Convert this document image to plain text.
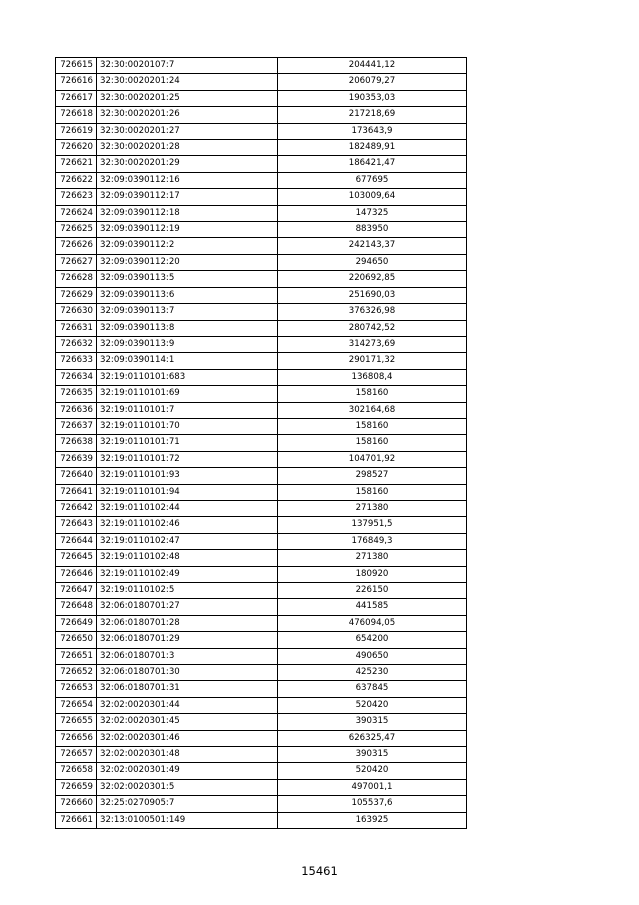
726615	32:30:0020107:7	204441,12
726616	32:30:0020201:24	206079,27
726617	32:30:0020201:25	190353,03
726618	32:30:0020201:26	217218,69
726619	32:30:0020201:27	173643,9
726620	32:30:0020201:28	182489,91
726621	32:30:0020201:29	186421,47
726622	32:09:0390112:16	677695
726623	32:09:0390112:17	103009,64
726624	32:09:0390112:18	147325
726625	32:09:0390112:19	883950
726626	32:09:0390112:2	242143,37
726627	32:09:0390112:20	294650
726628	32:09:0390113:5	220692,85
726629	32:09:0390113:6	251690,03
726630	32:09:0390113:7	376326,98
726631	32:09:0390113:8	280742,52
726632	32:09:0390113:9	314273,69
726633	32:09:0390114:1	290171,32
726634	32:19:0110101:683	136808,4
726635	32:19:0110101:69	158160
726636	32:19:0110101:7	302164,68
726637	32:19:0110101:70	158160
726638	32:19:0110101:71	158160
726639	32:19:0110101:72	104701,92
726640	32:19:0110101:93	298527
726641	32:19:0110101:94	158160
726642	32:19:0110102:44	271380
726643	32:19:0110102:46	137951,5
726644	32:19:0110102:47	176849,3
726645	32:19:0110102:48	271380
726646	32:19:0110102:49	180920
726647	32:19:0110102:5	226150
726648	32:06:0180701:27	441585
726649	32:06:0180701:28	476094,05
726650	32:06:0180701:29	654200
726651	32:06:0180701:3	490650
726652	32:06:0180701:30	425230
726653	32:06:0180701:31	637845
726654	32:02:0020301:44	520420
726655	32:02:0020301:45	390315
726656	32:02:0020301:46	626325,47
726657	32:02:0020301:48	390315
726658	32:02:0020301:49	520420
726659	32:02:0020301:5	497001,1
726660	32:25:0270905:7	105537,6
726661	32:13:0100501:149	163925
15461
